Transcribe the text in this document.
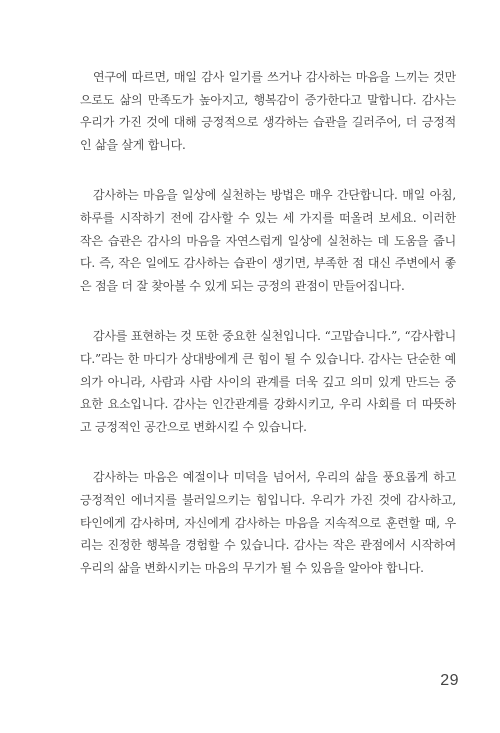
연구에 따르면, 매일 감사 일기를 쓰거나 감사하는 마음을 느끼는 것만
으로도 삶의 만족도가 높아지고, 행복감이 증가한다고 말합니다. 감사는
우리가 가진 것에 대해 긍정적으로 생각하는 습관을 길러주어, 더 긍정적
인 삶을 살게 합니다.

감사하는 마음을 일상에 실천하는 방법은 매우 간단합니다. 매일 아침,
하루를 시작하기 전에 감사할 수 있는 세 가지를 떠올려 보세요. 이러한
작은 습관은 감사의 마음을 자연스럽게 일상에 실천하는 데 도움을 줍니
다. 즉, 작은 일에도 감사하는 습관이 생기면, 부족한 점 대신 주변에서 좋
은 점을 더 잘 찾아볼 수 있게 되는 긍정의 관점이 만들어집니다.

감사를 표현하는 것 또한 중요한 실천입니다. “고맙습니다.”, “감사합니
다.”라는 한 마디가 상대방에게 큰 힘이 될 수 있습니다. 감사는 단순한 예
의가 아니라, 사람과 사람 사이의 관계를 더욱 깊고 의미 있게 만드는 중
요한 요소입니다. 감사는 인간관계를 강화시키고, 우리 사회를 더 따뜻하
고 긍정적인 공간으로 변화시킬 수 있습니다.

감사하는 마음은 예절이나 미덕을 넘어서, 우리의 삶을 풍요롭게 하고
긍정적인 에너지를 불러일으키는 힘입니다. 우리가 가진 것에 감사하고,
타인에게 감사하며, 자신에게 감사하는 마음을 지속적으로 훈련할 때, 우
리는 진정한 행복을 경험할 수 있습니다. 감사는 작은 관점에서 시작하여
우리의 삶을 변화시키는 마음의 무기가 될 수 있음을 알아야 합니다.

29
